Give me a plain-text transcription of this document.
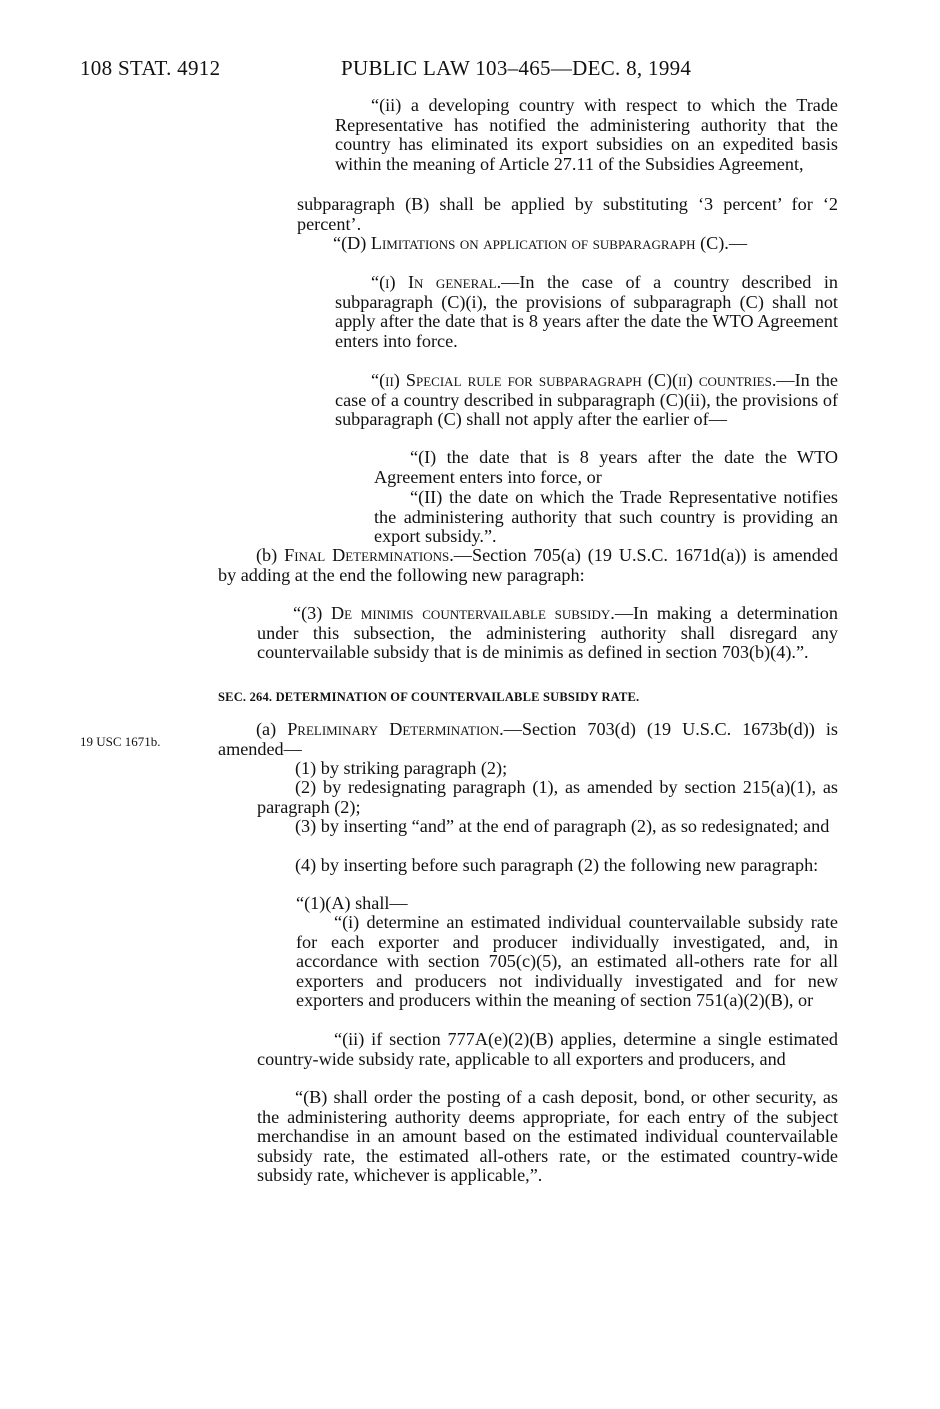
108 STAT. 4912	PUBLIC LAW 103–465—DEC. 8, 1994

“(ii) a developing country with respect to which the Trade Representative has notified the administering authority that the country has eliminated its export subsidies on an expedited basis within the meaning of Article 27.11 of the Subsidies Agreement,

subparagraph (B) shall be applied by substituting ‘3 percent’ for ‘2 percent’.

“(D) Limitations on application of subparagraph (C).—

“(i) In general.—In the case of a country described in subparagraph (C)(i), the provisions of subparagraph (C) shall not apply after the date that is 8 years after the date the WTO Agreement enters into force.

“(ii) Special rule for subparagraph (C)(ii) countries.—In the case of a country described in subparagraph (C)(ii), the provisions of subparagraph (C) shall not apply after the earlier of—

“(I) the date that is 8 years after the date the WTO Agreement enters into force, or

“(II) the date on which the Trade Representative notifies the administering authority that such country is providing an export subsidy.”.

(b) Final Determinations.—Section 705(a) (19 U.S.C. 1671d(a)) is amended by adding at the end the following new paragraph:

“(3) De minimis countervailable subsidy.—In making a determination under this subsection, the administering authority shall disregard any countervailable subsidy that is de minimis as defined in section 703(b)(4).”.

SEC. 264. DETERMINATION OF COUNTERVAILABLE SUBSIDY RATE.
19 USC 1671b.

(a) Preliminary Determination.—Section 703(d) (19 U.S.C. 1673b(d)) is amended—

(1) by striking paragraph (2);

(2) by redesignating paragraph (1), as amended by section 215(a)(1), as paragraph (2);

(3) by inserting “and” at the end of paragraph (2), as so redesignated; and

(4) by inserting before such paragraph (2) the following new paragraph:

“(1)(A) shall—

“(i) determine an estimated individual countervailable subsidy rate for each exporter and producer individually investigated, and, in accordance with section 705(c)(5), an estimated all-others rate for all exporters and producers not individually investigated and for new exporters and producers within the meaning of section 751(a)(2)(B), or

“(ii) if section 777A(e)(2)(B) applies, determine a single estimated country-wide subsidy rate, applicable to all exporters and producers, and

“(B) shall order the posting of a cash deposit, bond, or other security, as the administering authority deems appropriate, for each entry of the subject merchandise in an amount based on the estimated individual countervailable subsidy rate, the estimated all-others rate, or the estimated country-wide subsidy rate, whichever is applicable,”.
